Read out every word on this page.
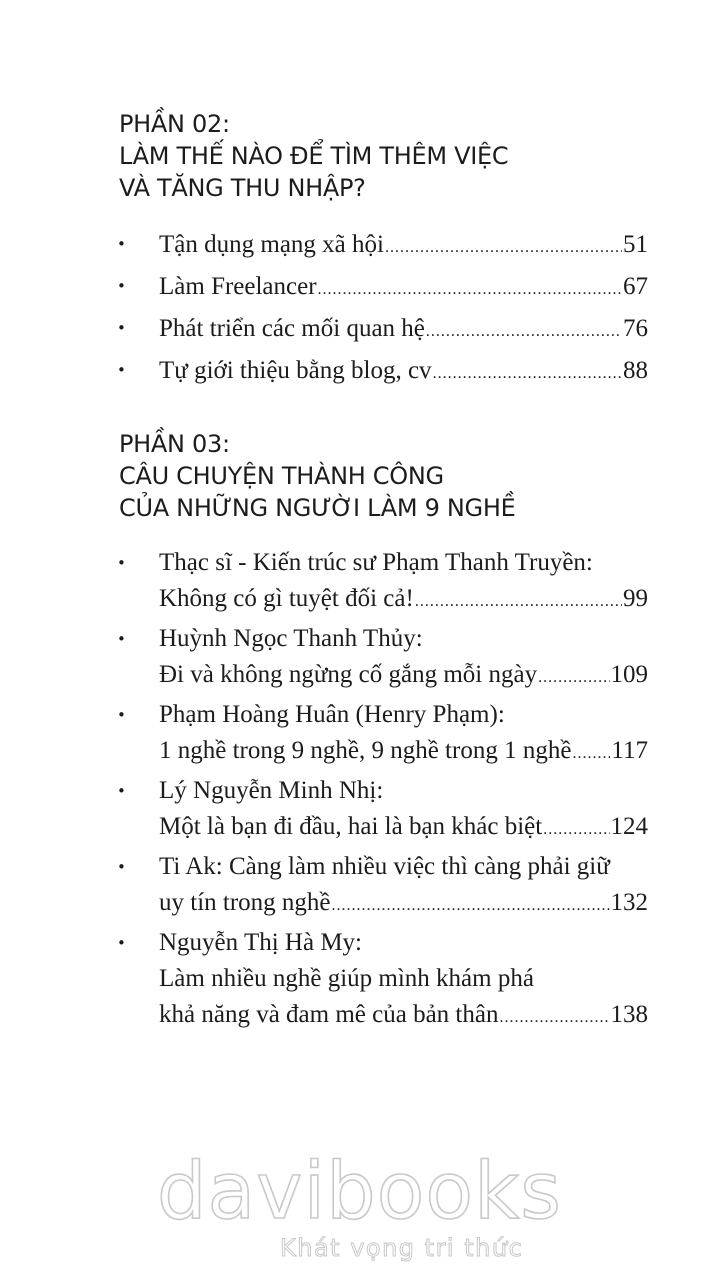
PHẦN 02:
LÀM THẾ NÀO ĐỂ TÌM THÊM VIỆC
VÀ TĂNG THU NHẬP?
• Tận dụng mạng xã hội .....	51
• Làm Freelancer .....	67
• Phát triển các mối quan hệ .....	76
• Tự giới thiệu bằng blog, cv .....	88
PHẦN 03:
CÂU CHUYỆN THÀNH CÔNG
CỦA NHỮNG NGƯỜI LÀM 9 NGHỀ
• Thạc sĩ - Kiến trúc sư Phạm Thanh Truyền:
Không có gì tuyệt đối cả! .....	99
• Huỳnh Ngọc Thanh Thủy:
Đi và không ngừng cố gắng mỗi ngày .....	109
• Phạm Hoàng Huân (Henry Phạm):
1 nghề trong 9 nghề, 9 nghề trong 1 nghề ..... 117
• Lý Nguyễn Minh Nhị:
Một là bạn đi đầu, hai là bạn khác biệt .....	124
• Ti Ak: Càng làm nhiều việc thì càng phải giữ
uy tín trong nghề .....	132
• Nguyễn Thị Hà My:
Làm nhiều nghề giúp mình khám phá
khả năng và đam mê của bản thân .....	138
davibooks
Khát vọng tri thức
